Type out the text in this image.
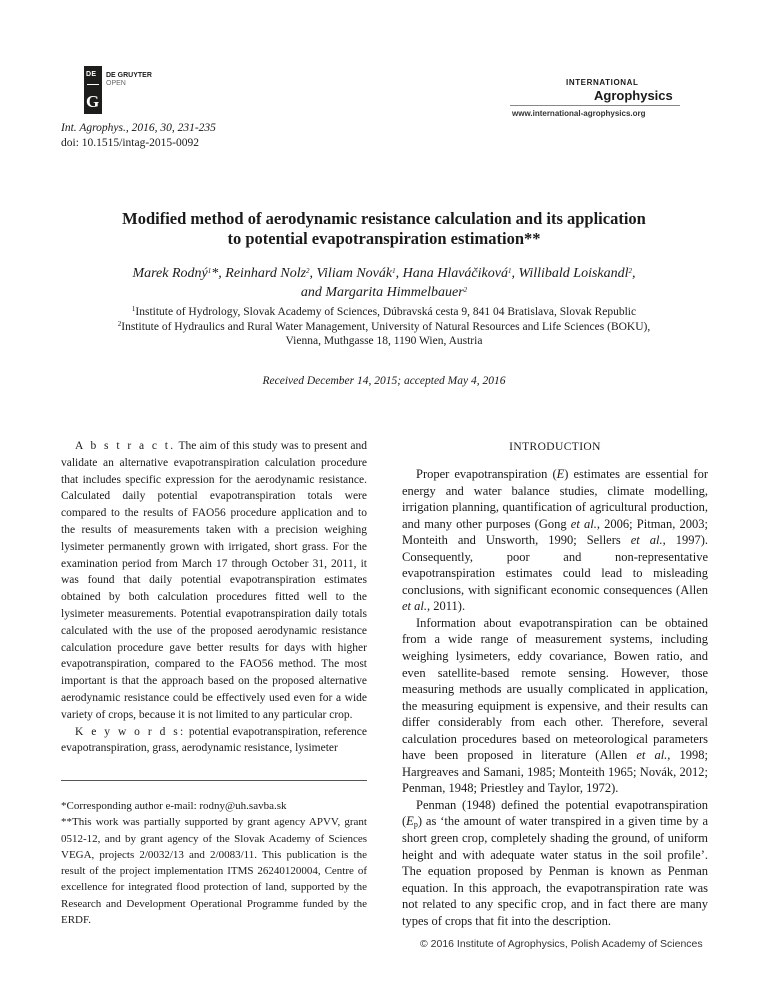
DE
G
DE GRUYTER
OPEN
Int. Agrophys., 2016, 30, 231-235
doi: 10.1515/intag-2015-0092
INTERNATIONAL
Agrophysics
www.international-agrophysics.org
Modified method of aerodynamic resistance calculation and its application
to potential evapotranspiration estimation**
Marek Rodný$^1$*, Reinhard Nolz$^2$, Viliam Novák$^1$, Hana Hlaváčiková$^1$, Willibald Loiskandl$^2$,
and Margarita Himmelbauer$^2$
$^1$Institute of Hydrology, Slovak Academy of Sciences, Dúbravská cesta 9, 841 04 Bratislava, Slovak Republic
$^2$Institute of Hydraulics and Rural Water Management, University of Natural Resources and Life Sciences (BOKU),
Vienna, Muthgasse 18, 1190 Wien, Austria
Received December 14, 2015; accepted May 4, 2016

A b s t r a c t. The aim of this study was to present and validate an alternative evapotranspiration calculation procedure that includes specific expression for the aerodynamic resistance. Calculated daily potential evapotranspiration totals were compared to the results of FAO56 procedure application and to the results of measurements taken with a precision weighing lysimeter permanently grown with irrigated, short grass. For the examination period from March 17 through October 31, 2011, it was found that daily potential evapotranspiration estimates obtained by both calculation procedures fitted well to the lysimeter measurements. Potential evapotranspiration daily totals calculated with the use of the proposed aerodynamic resistance calculation procedure gave better results for days with higher evapotranspiration, compared to the FAO56 method. The most important is that the approach based on the proposed alternative aerodynamic resistance could be effectively used even for a wide variety of crops, because it is not limited to any particular crop.

K e y w o r d s: potential evapotranspiration, reference evapotranspiration, grass, aerodynamic resistance, lysimeter

*Corresponding author e-mail: rodny@uh.savba.sk

**This work was partially supported by grant agency APVV, grant 0512-12, and by grant agency of the Slovak Academy of Sciences VEGA, projects 2/0032/13 and 2/0083/11. This publication is the result of the project implementation ITMS 26240120004, Centre of excellence for integrated flood protection of land, supported by the Research and Development Operational Programme funded by the ERDF.

INTRODUCTION

Proper evapotranspiration (E) estimates are essential for energy and water balance studies, climate modelling, irrigation planning, quantification of agricultural production, and many other purposes (Gong et al., 2006; Pitman, 2003; Monteith and Unsworth, 1990; Sellers et al., 1997). Consequently, poor and non-representative evapotranspiration estimates could lead to misleading conclusions, with significant economic consequences (Allen et al., 2011).

Information about evapotranspiration can be obtained from a wide range of measurement systems, including weighing lysimeters, eddy covariance, Bowen ratio, and even satellite-based remote sensing. However, those measuring methods are usually complicated in application, the measuring equipment is expensive, and their results can differ considerably from each other. Therefore, several calculation procedures based on meteorological parameters have been proposed in literature (Allen et al., 1998; Hargreaves and Samani, 1985; Monteith 1965; Novák, 2012; Penman, 1948; Priestley and Taylor, 1972).

Penman (1948) defined the potential evapotranspiration $(E_p)$ as ‘the amount of water transpired in a given time by a short green crop, completely shading the ground, of uniform height and with adequate water status in the soil profile’. The equation proposed by Penman is known as Penman equation. In this approach, the evapotranspiration rate was not related to any specific crop, and in fact there are many types of crops that fit into the description.

© 2016 Institute of Agrophysics, Polish Academy of Sciences
